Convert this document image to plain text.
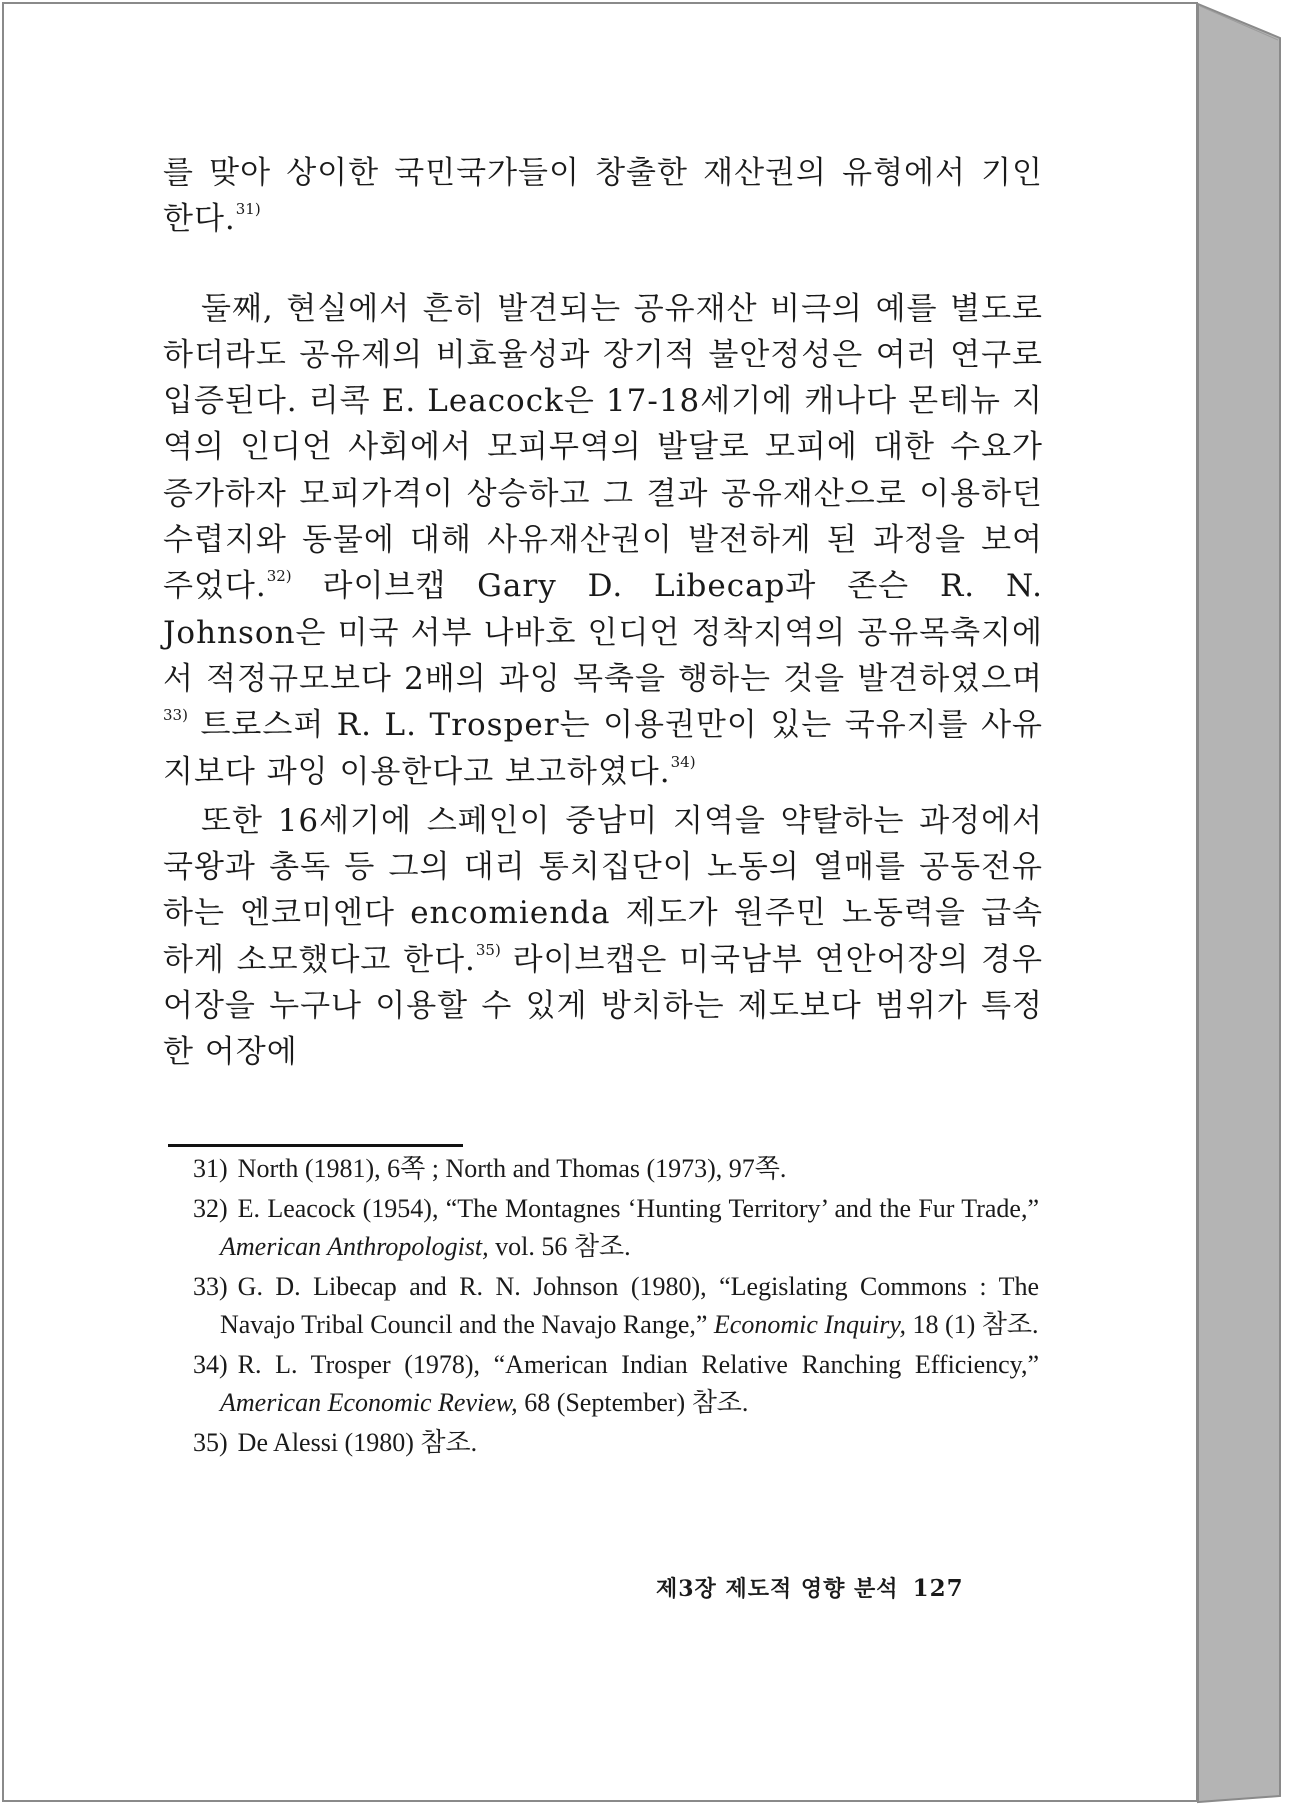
를 맞아 상이한 국민국가들이 창출한 재산권의 유형에서 기인한다.$^{31)}$

둘째, 현실에서 흔히 발견되는 공유재산 비극의 예를 별도로 하더라도 공유제의 비효율성과 장기적 불안정성은 여러 연구로 입증된다. 리콕 E. Leacock은 17-18세기에 캐나다 몬테뉴 지역의 인디언 사회에서 모피무역의 발달로 모피에 대한 수요가 증가하자 모피가격이 상승하고 그 결과 공유재산으로 이용하던 수렵지와 동물에 대해 사유재산권이 발전하게 된 과정을 보여주었다.$^{32)}$ 라이브캡 Gary D. Libecap과 존슨 R. N. Johnson은 미국 서부 나바호 인디언 정착지역의 공유목축지에서 적정규모보다 2배의 과잉 목축을 행하는 것을 발견하였으며$^{33)}$ 트로스퍼 R. L. Trosper는 이용권만이 있는 국유지를 사유지보다 과잉 이용한다고 보고하였다.$^{34)}$

또한 16세기에 스페인이 중남미 지역을 약탈하는 과정에서 국왕과 총독 등 그의 대리 통치집단이 노동의 열매를 공동전유하는 엔코미엔다 encomienda 제도가 원주민 노동력을 급속하게 소모했다고 한다.$^{35)}$ 라이브캡은 미국남부 연안어장의 경우 어장을 누구나 이용할 수 있게 방치하는 제도보다 범위가 특정한 어장에

31) North (1981), 6쪽 ; North and Thomas (1973), 97쪽.

32) E. Leacock (1954), “The Montagnes ‘Hunting Territory’ and the Fur Trade,” American Anthropologist, vol. 56 참조.

33) G. D. Libecap and R. N. Johnson (1980), “Legislating Commons : The Navajo Tribal Council and the Navajo Range,” Economic Inquiry, 18 (1) 참조.

34) R. L. Trosper (1978), “American Indian Relative Ranching Efficiency,” American Economic Review, 68 (September) 참조.

35) De Alessi (1980) 참조.

제3장 제도적 영향 분석 127
